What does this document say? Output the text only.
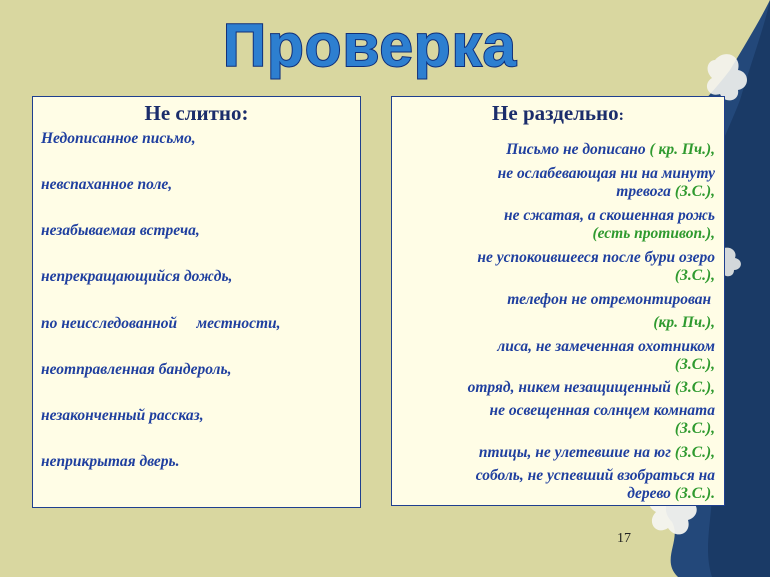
Проверка
Не слитно:
Недописанное письмо,
невспаханное поле,
незабываемая встреча,
непрекращающийся дождь,
по неисследованной     местности,
неотправленная бандероль,
незаконченный рассказ,
неприкрытая дверь.
Не раздельно:
Письмо не дописано ( кр. Пч.),
не ослабевающая ни на минуту
тревога (З.С.),
не сжатая, а скошенная рожь
(есть противоп.),
не успокоившееся после бури озеро
(З.С.),
телефон не отремонтирован
(кр. Пч.),
лиса, не замеченная охотником
(З.С.),
отряд, никем незащищенный (З.С.),
не освещенная солнцем комната
(З.С.),
птицы, не улетевшие на юг (З.С.),
соболь, не успевший взобраться на
дерево (З.С.).
17
